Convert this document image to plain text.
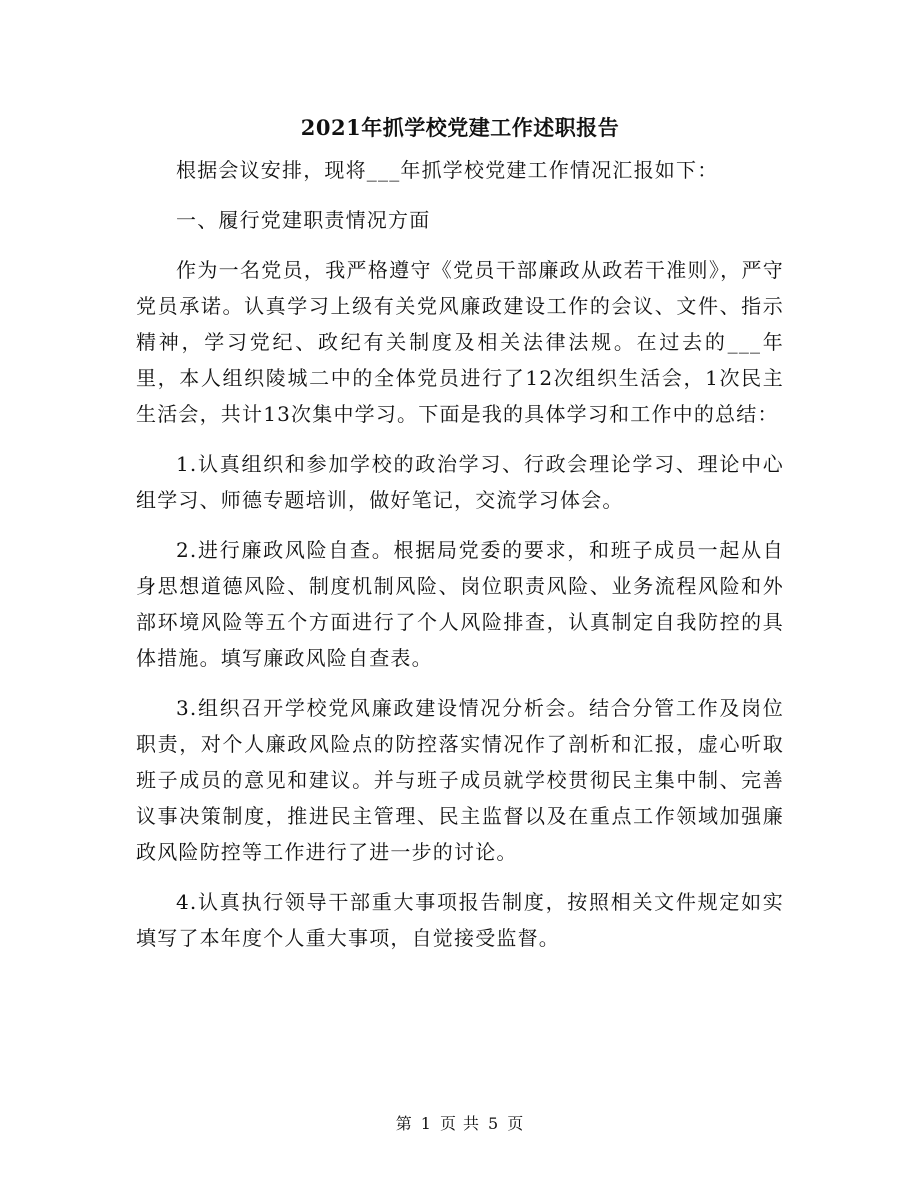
2021年抓学校党建工作述职报告

根据会议安排，现将___年抓学校党建工作情况汇报如下：

一、履行党建职责情况方面

作为一名党员，我严格遵守《党员干部廉政从政若干准则》，严守党员承诺。认真学习上级有关党风廉政建设工作的会议、文件、指示精神，学习党纪、政纪有关制度及相关法律法规。在过去的___年里，本人组织陵城二中的全体党员进行了12次组织生活会，1次民主生活会，共计13次集中学习。下面是我的具体学习和工作中的总结：

1.认真组织和参加学校的政治学习、行政会理论学习、理论中心组学习、师德专题培训，做好笔记，交流学习体会。

2.进行廉政风险自查。根据局党委的要求，和班子成员一起从自身思想道德风险、制度机制风险、岗位职责风险、业务流程风险和外部环境风险等五个方面进行了个人风险排查，认真制定自我防控的具体措施。填写廉政风险自查表。

3.组织召开学校党风廉政建设情况分析会。结合分管工作及岗位职责，对个人廉政风险点的防控落实情况作了剖析和汇报，虚心听取班子成员的意见和建议。并与班子成员就学校贯彻民主集中制、完善议事决策制度，推进民主管理、民主监督以及在重点工作领域加强廉政风险防控等工作进行了进一步的讨论。

4.认真执行领导干部重大事项报告制度，按照相关文件规定如实填写了本年度个人重大事项，自觉接受监督。

第 1 页 共 5 页
